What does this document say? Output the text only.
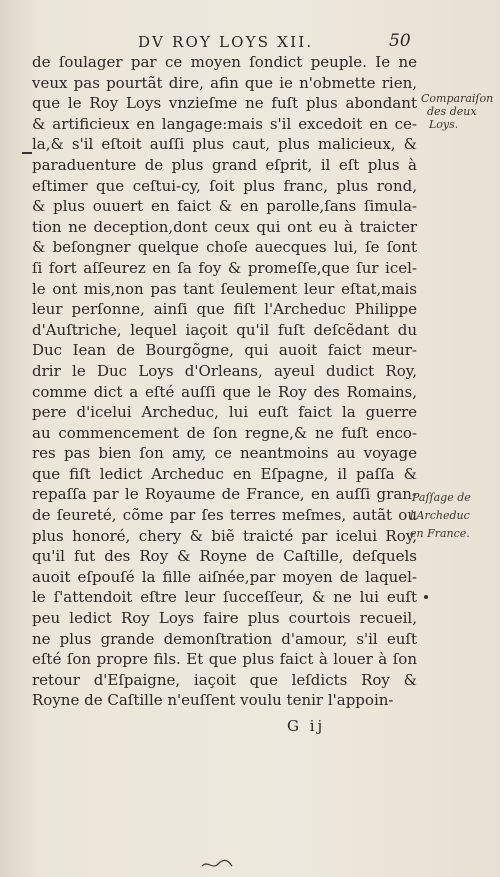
DV ROY LOYS XII.	50
de ſoulager par ce moyen ſondict peuple. Ie ne
veux pas pourtãt dire, afin que ie n'obmette rien,
que le Roy Loys vnzieſme ne fuſt plus abondant
& artificieux en langage:mais s'il excedoit en ce-
la,& s'il eſtoit auſſi plus caut, plus malicieux, &
paraduenture de plus grand eſprit, il eſt plus à
eſtimer que ceſtui-cy, ſoit plus franc, plus rond,
& plus ouuert en faict & en parolle,ſans ſimula-
tion ne deception,dont ceux qui ont eu à traicter
& beſongner quelque choſe auecques lui, ſe ſont
ſi fort aſſeurez en ſa foy & promeſſe,que ſur icel-
le ont mis,non pas tant ſeulement leur eſtat,mais
leur perſonne, ainſi que fiſt l'Archeduc Philippe
d'Auſtriche, lequel iaçoit qu'il fuſt deſcẽdant du
Duc Iean de Bourgõgne, qui auoit faict meur-
drir le Duc Loys d'Orleans, ayeul dudict Roy,
comme dict a eſté auſſi que le Roy des Romains,
pere d'icelui Archeduc, lui euſt faict la guerre
au commencement de ſon regne,& ne fuſt enco-
res pas bien ſon amy, ce neantmoins au voyage
que fiſt ledict Archeduc en Eſpagne, il paſſa &
repaſſa par le Royaume de France, en auſſi gran-
de ſeureté, cõme par ſes terres meſmes, autãt ou
plus honoré, chery & biẽ traicté par icelui Roy,
qu'il fut des Roy & Royne de Caſtille, deſquels
auoit eſpouſé la fille aiſnée,par moyen de laquel-
le ſ'attendoit eſtre leur ſucceſſeur, & ne lui euſt
peu ledict Roy Loys faire plus courtois recueil,
ne plus grande demonſtration d'amour, s'il euſt
eſté ſon propre fils. Et que plus faict à louer à ſon
retour d'Eſpaigne, iaçoit que leſdicts Roy &
Royne de Caſtille n'euſſent voulu tenir l'appoin-
Comparaiſon
des deux
Loys.
Paſſage de
l'Archeduc
en France.
G ij
